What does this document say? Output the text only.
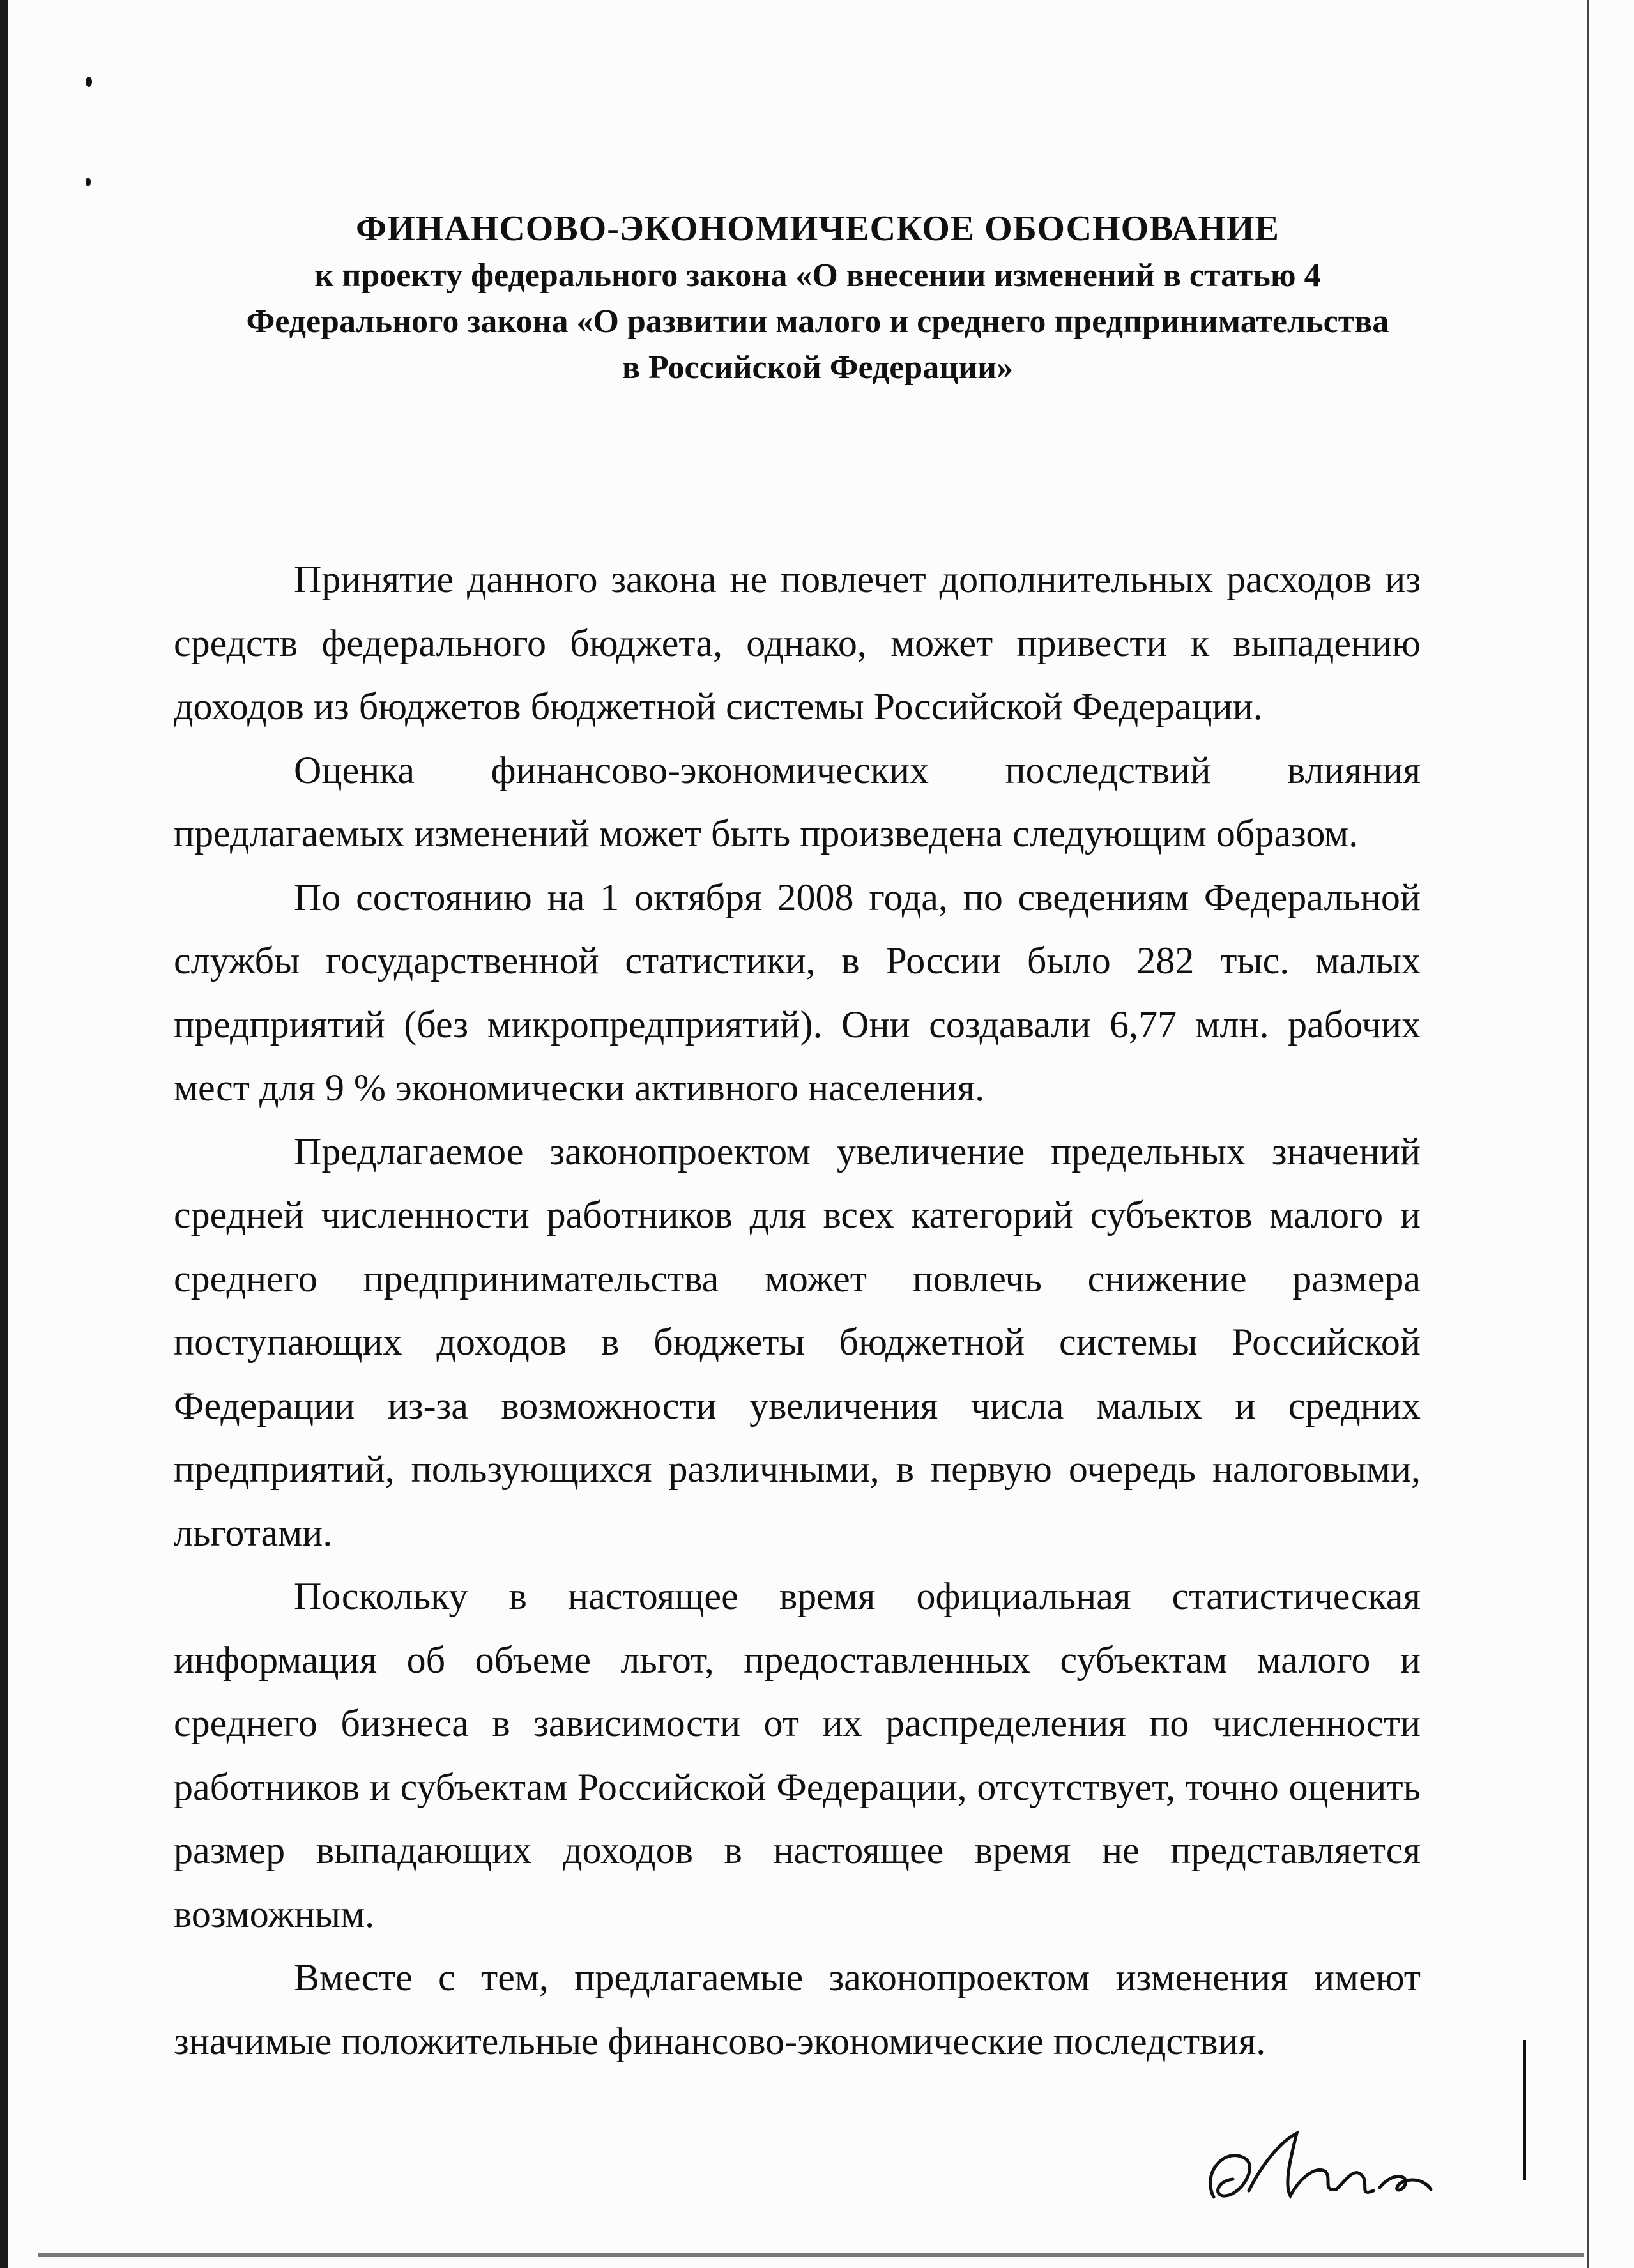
ФИНАНСОВО-ЭКОНОМИЧЕСКОЕ ОБОСНОВАНИЕ
к проекту федерального закона «О внесении изменений в статью 4
Федерального закона «О развитии малого и среднего предпринимательства
в Российской Федерации»

Принятие данного закона не повлечет дополнительных расходов из средств федерального бюджета, однако, может привести к выпадению доходов из бюджетов бюджетной системы Российской Федерации.

Оценка финансово-экономических последствий влияния предлагаемых изменений может быть произведена следующим образом.

По состоянию на 1 октября 2008 года, по сведениям Федеральной службы государственной статистики, в России было 282 тыс. малых предприятий (без микропредприятий). Они создавали 6,77 млн. рабочих мест для 9 % экономически активного населения.

Предлагаемое законопроектом увеличение предельных значений средней численности работников для всех категорий субъектов малого и среднего предпринимательства может повлечь снижение размера поступающих доходов в бюджеты бюджетной системы Российской Федерации из-за возможности увеличения числа малых и средних предприятий, пользующихся различными, в первую очередь налоговыми, льготами.

Поскольку в настоящее время официальная статистическая информация об объеме льгот, предоставленных субъектам малого и среднего бизнеса в зависимости от их распределения по численности работников и субъектам Российской Федерации, отсутствует, точно оценить размер выпадающих доходов в настоящее время не представляется возможным.

Вместе с тем, предлагаемые законопроектом изменения имеют значимые положительные финансово-экономические последствия.
